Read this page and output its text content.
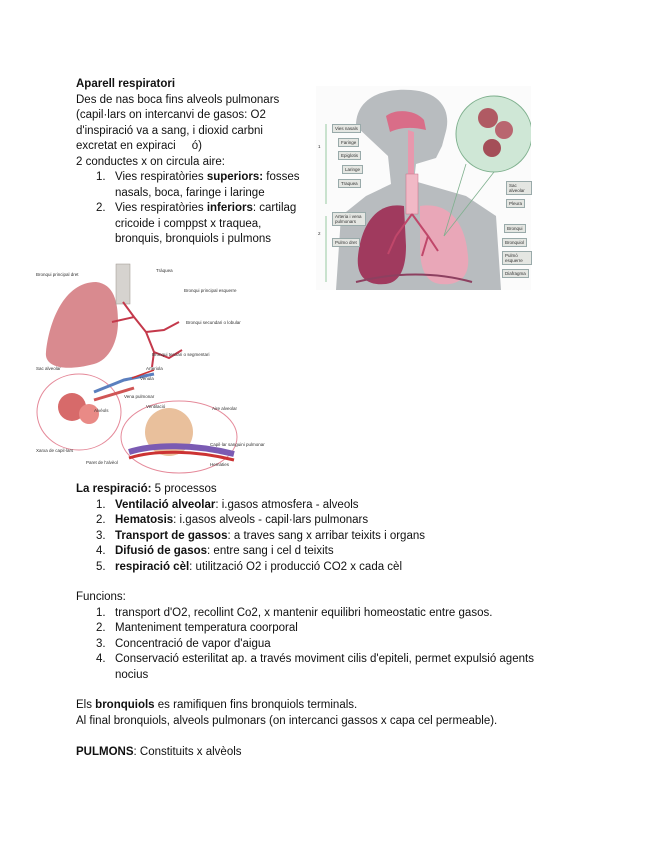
Aparell respiratori
Des de nas boca fins alveols pulmonars
(capil·lars on intercanvi de gasos: O2
d'inspiració va a sang, i dioxid carbni
excretat en expiraci     ó)
2 conductes x on circula aire:
1. Vies respiratòries superiors: fosses
nasals, boca, faringe i laringe
2. Vies respiratòries inferiors: cartilag
cricoide i comppst x traquea,
bronquis, bronquiols i pulmons
1
2
Vies nasals
Faringe
Epiglotis
Laringe
Traquea
Arteria i vena pulmonars
Pulmo dret
Sac alveolar
Pleura
Bronqui
Bronquiol
Pulmó esquerre
Diafragma
Bronqui principal dret
Tràquea
Bronqui principal esquerre
Bronqui secundari o lobular
Bronqui terciari o segmentari
Sac alveolar	Arteriola
Venula
Alvèols
Xarxa de capil·lars
Vena pulmonar
Ventilació	Aire alveolar
Paret de l'alvèol
Capil·lar sanguini pulmonar
Hematies
La respiració: 5 processos
1. Ventilació alveolar: i.gasos atmosfera - alveols
2. Hematosis: i.gasos alveols - capil·lars pulmonars
3. Transport de gassos: a traves sang x arribar teixits i organs
4. Difusió de gasos: entre sang i cel d teixits
5. respiració cèl: utilització O2 i producció CO2 x cada cèl
Funcions:
1. transport d'O2, recollint Co2, x mantenir equilibri homeostatic entre gasos.
2. Manteniment temperatura coorporal
3. Concentració de vapor d'aigua
4. Conservació esterilitat ap. a través moviment cilis d'epiteli, permet expulsió agents
nocius
Els bronquiols es ramifiquen fins bronquiols terminals.
Al final bronquiols, alveols pulmonars (on intercanci gassos x capa cel permeable).
PULMONS: Constituits x alvèols
